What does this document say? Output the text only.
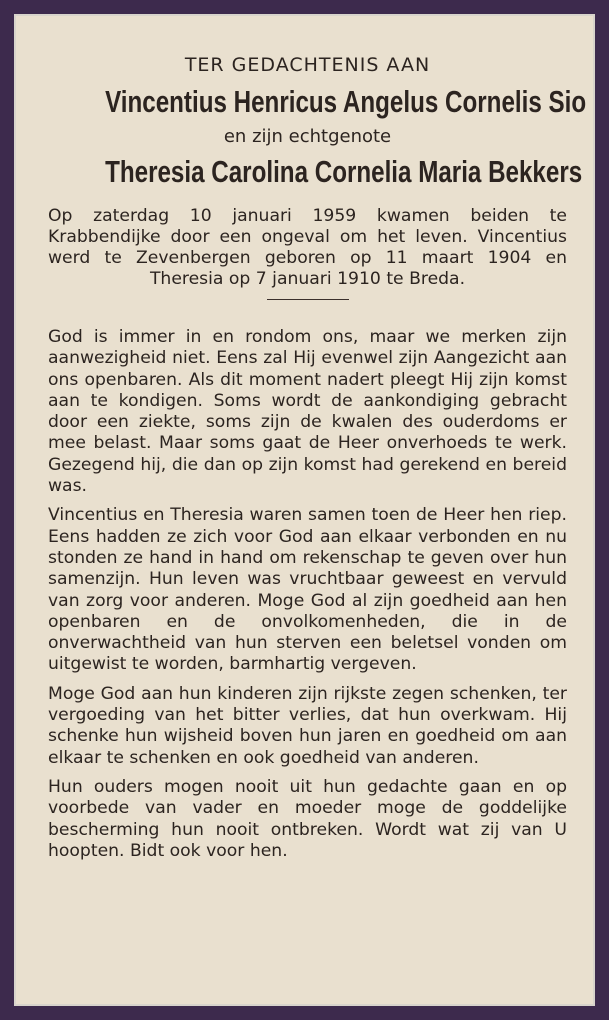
TER GEDACHTENIS AAN
Vincentius Henricus Angelus Cornelis Sio
en zijn echtgenote
Theresia Carolina Cornelia Maria Bekkers
Op zaterdag 10 januari 1959 kwamen beiden te Krabbendijke door een ongeval om het leven. Vincentius werd te Zevenbergen geboren op 11 maart 1904 en Theresia op 7 januari 1910 te Breda.
God is immer in en rondom ons, maar we merken zijn aanwezigheid niet. Eens zal Hij evenwel zijn Aangezicht aan ons openbaren. Als dit moment nadert pleegt Hij zijn komst aan te kondigen. Soms wordt de aankondiging gebracht door een ziekte, soms zijn de kwalen des ouderdoms er mee belast. Maar soms gaat de Heer onverhoeds te werk. Gezegend hij, die dan op zijn komst had gerekend en bereid was.
Vincentius en Theresia waren samen toen de Heer hen riep. Eens hadden ze zich voor God aan elkaar verbonden en nu stonden ze hand in hand om rekenschap te geven over hun samenzijn. Hun leven was vruchtbaar geweest en vervuld van zorg voor anderen. Moge God al zijn goedheid aan hen openbaren en de onvolkomenheden, die in de onverwachtheid van hun sterven een beletsel vonden om uitgewist te worden, barmhartig vergeven.
Moge God aan hun kinderen zijn rijkste zegen schenken, ter vergoeding van het bitter verlies, dat hun overkwam. Hij schenke hun wijsheid boven hun jaren en goedheid om aan elkaar te schenken en ook goedheid van anderen.
Hun ouders mogen nooit uit hun gedachte gaan en op voorbede van vader en moeder moge de goddelijke bescherming hun nooit ontbreken. Wordt wat zij van U hoopten. Bidt ook voor hen.
